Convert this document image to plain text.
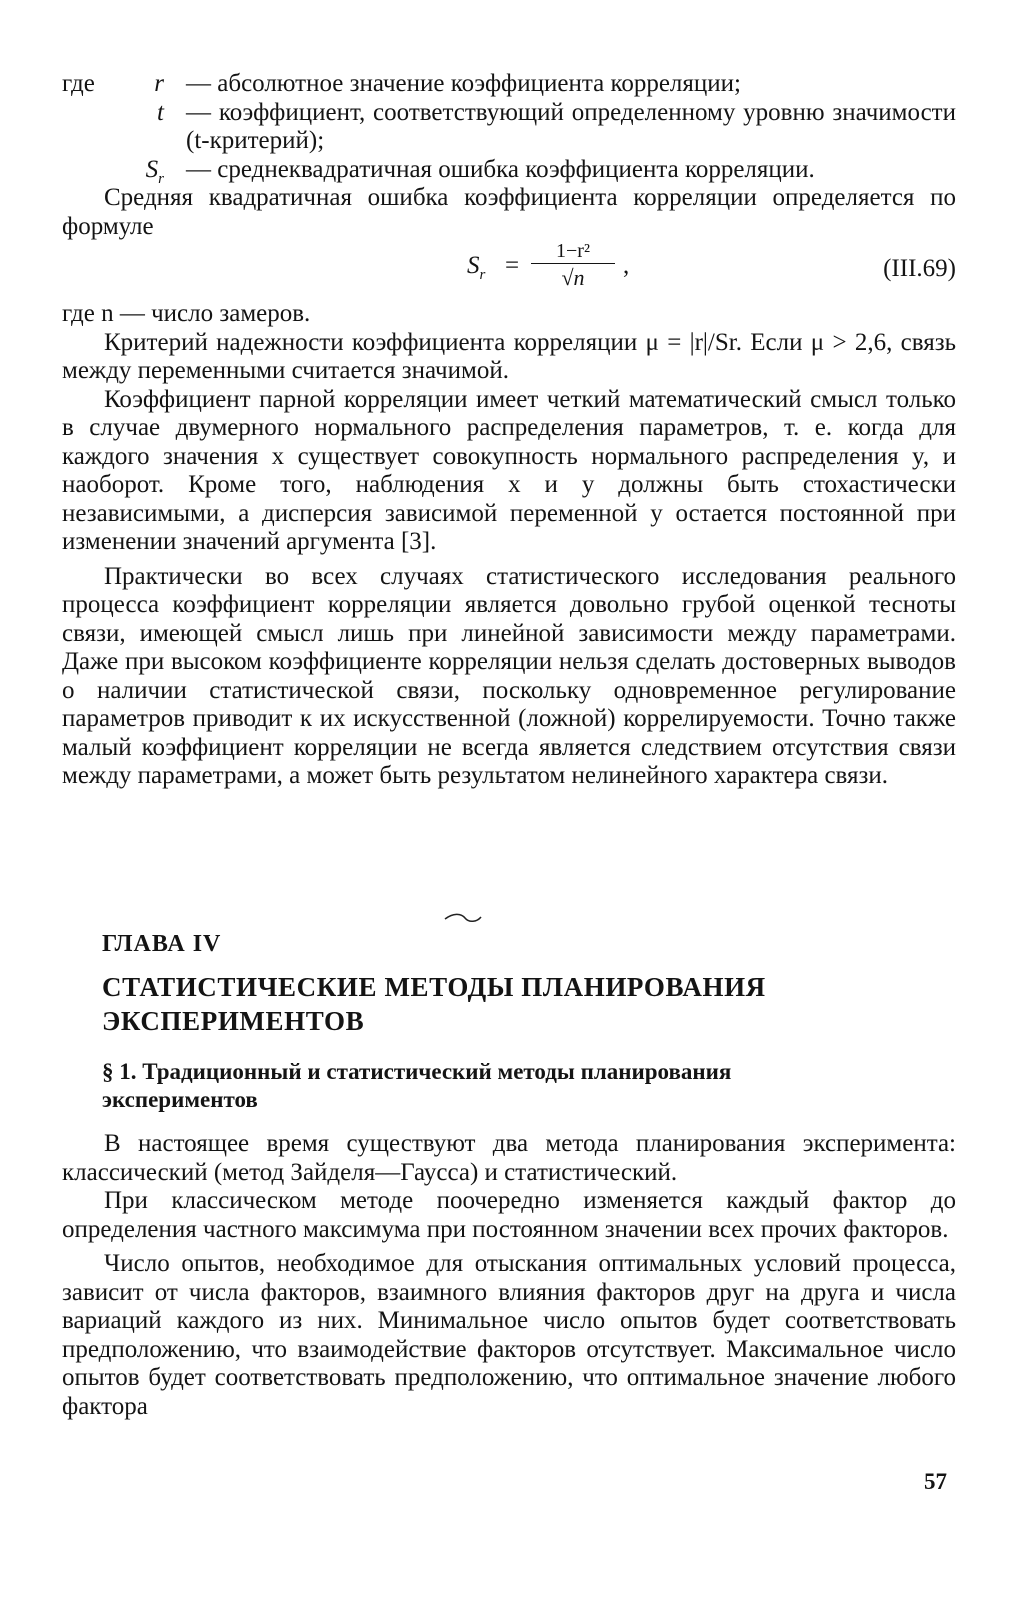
где	r — абсолютное значение коэффициента корреляции;
t — коэффициент, соответствующий определенному уровню значимости (t-критерий);
$S_r$ — среднеквадратичная ошибка коэффициента корреляции.

Средняя квадратичная ошибка коэффициента корреляции определяется по формуле

$S_r$ =
1−r²
√n	,	(III.69)

где n — число замеров.

Критерий надежности коэффициента корреляции μ = |r|/Sr. Если μ > 2,6, связь между переменными считается значимой.

Коэффициент парной корреляции имеет четкий математический смысл только в случае двумерного нормального распределения параметров, т. е. когда для каждого значения x существует совокупность нормального распределения y, и наоборот. Кроме того, наблюдения x и y должны быть стохастически независимыми, а дисперсия зависимой переменной y остается постоянной при изменении значений аргумента [3].

Практически во всех случаях статистического исследования реального процесса коэффициент корреляции является довольно грубой оценкой тесноты связи, имеющей смысл лишь при линейной зависимости между параметрами. Даже при высоком коэффициенте корреляции нельзя сделать достоверных выводов о наличии статистической связи, поскольку одновременное регулирование параметров приводит к их искусственной (ложной) коррелируемости. Точно также малый коэффициент корреляции не всегда является следствием отсутствия связи между параметрами, а может быть результатом нелинейного характера связи.

ГЛАВА IV
СТАТИСТИЧЕСКИЕ МЕТОДЫ ПЛАНИРОВАНИЯ ЭКСПЕРИМЕНТОВ
§ 1. Традиционный и статистический методы планирования экспериментов

В настоящее время существуют два метода планирования эксперимента: классический (метод Зайделя—Гаусса) и статистический.

При классическом методе поочередно изменяется каждый фактор до определения частного максимума при постоянном значении всех прочих факторов.

Число опытов, необходимое для отыскания оптимальных условий процесса, зависит от числа факторов, взаимного влияния факторов друг на друга и числа вариаций каждого из них. Минимальное число опытов будет соответствовать предположению, что взаимодействие факторов отсутствует. Максимальное число опытов будет соответствовать предположению, что оптимальное значение любого фактора

57
